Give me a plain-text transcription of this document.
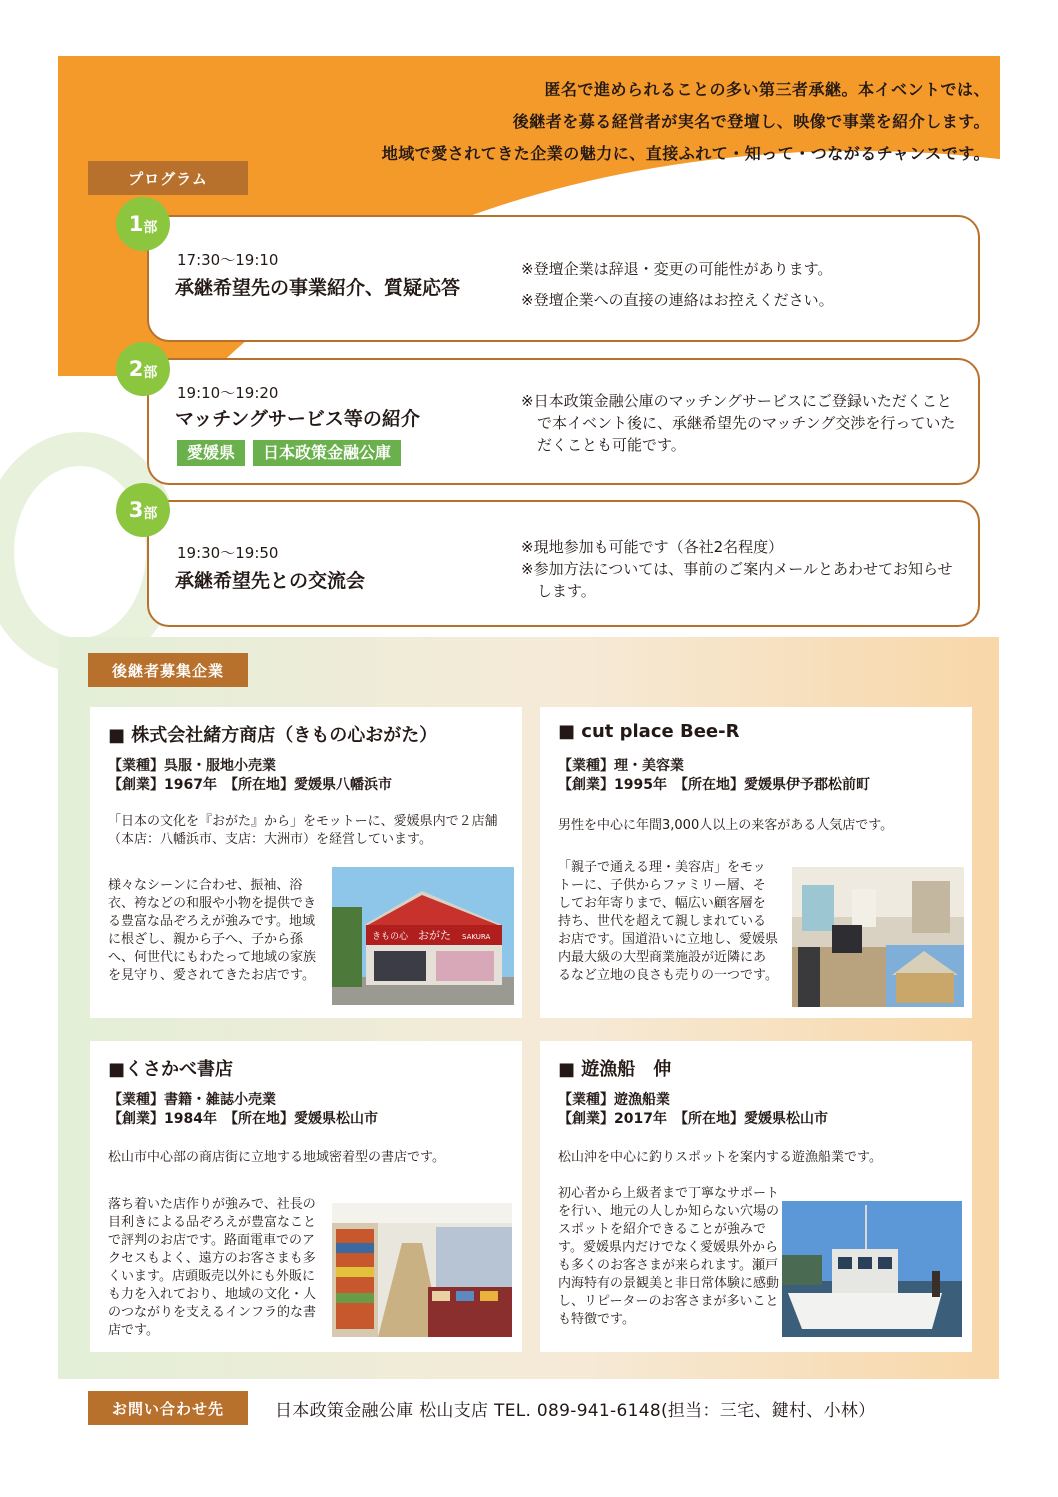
匿名で進められることの多い第三者承継。本イベントでは、
後継者を募る経営者が実名で登壇し、映像で事業を紹介します。
地域で愛されてきた企業の魅力に、直接ふれて・知って・つながるチャンスです。
プログラム
17:30～19:10
承継希望先の事業紹介、質疑応答
※登壇企業は辞退・変更の可能性があります。
※登壇企業への直接の連絡はお控えください。
1 部
19:10～19:20
マッチングサービス等の紹介
愛媛県 日本政策金融公庫
※日本政策金融公庫のマッチングサービスにご登録いただくことで本イベント後に、承継希望先のマッチング交渉を行っていただくことも可能です。
2 部
19:30～19:50
承継希望先との交流会
※現地参加も可能です（各社2名程度）
※参加方法については、事前のご案内メールとあわせてお知らせします。
3 部
後継者募集企業
■ 株式会社緒方商店（きもの心おがた）
【業種】呉服・服地小売業
【創業】1967年　【所在地】愛媛県八幡浜市
「日本の文化を『おがた』から」をモットーに、愛媛県内で２店舗（本店：八幡浜市、支店：大洲市）を経営しています。
様々なシーンに合わせ、振袖、浴衣、袴などの和服や小物を提供できる豊富な品ぞろえが強みです。地域に根ざし、親から子へ、子から孫へ、何世代にもわたって地域の家族を見守り、愛されてきたお店です。
きもの心 おがた SAKURA
■ cut place Bee-R
【業種】理・美容業
【創業】1995年　【所在地】愛媛県伊予郡松前町
男性を中心に年間3,000人以上の来客がある人気店です。
「親子で通える理・美容店」をモットーに、子供からファミリー層、そしてお年寄りまで、幅広い顧客層を持ち、世代を超えて親しまれているお店です。国道沿いに立地し、愛媛県内最大級の大型商業施設が近隣にあるなど立地の良さも売りの一つです。
■くさかべ書店
【業種】書籍・雑誌小売業
【創業】1984年　【所在地】愛媛県松山市
松山市中心部の商店街に立地する地域密着型の書店です。
落ち着いた店作りが強みで、社長の目利きによる品ぞろえが豊富なことで評判のお店です。路面電車でのアクセスもよく、遠方のお客さまも多くいます。店頭販売以外にも外販にも力を入れており、地域の文化・人のつながりを支えるインフラ的な書店です。
■ 遊漁船　伸
【業種】遊漁船業
【創業】2017年　【所在地】愛媛県松山市
松山沖を中心に釣りスポットを案内する遊漁船業です。
初心者から上級者まで丁寧なサポートを行い、地元の人しか知らない穴場のスポットを紹介できることが強みです。愛媛県内だけでなく愛媛県外からも多くのお客さまが来られます。瀬戸内海特有の景観美と非日常体験に感動し、リピーターのお客さまが多いことも特徴です。
お問い合わせ先	日本政策金融公庫 松山支店 TEL. 089-941-6148(担当：三宅、鍵村、小林）
